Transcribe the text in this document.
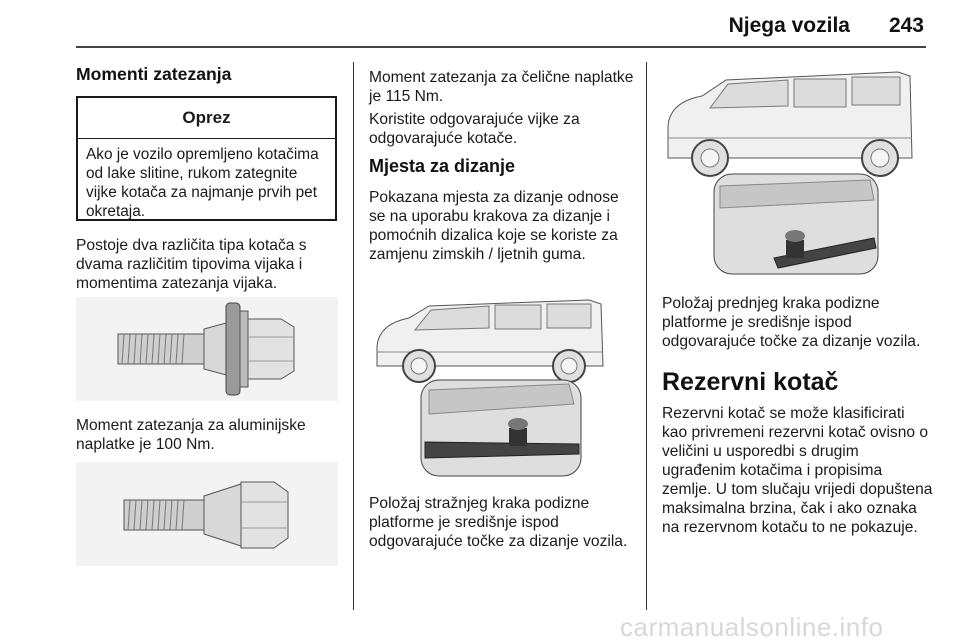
Njega vozila	243
Momenti zatezanja
Oprez
Ako je vozilo opremljeno kotačima od lake slitine, rukom zategnite vijke kotača za najmanje prvih pet okretaja.
Postoje dva različita tipa kotača s dvama različitim tipovima vijaka i momentima zatezanja vijaka.
Moment zatezanja za aluminijske naplatke je 100 Nm.
Moment zatezanja za čelične naplatke je 115 Nm.
Koristite odgovarajuće vijke za odgovarajuće kotače.
Mjesta za dizanje
Pokazana mjesta za dizanje odnose se na uporabu krakova za dizanje i pomoćnih dizalica koje se koriste za zamjenu zimskih / ljetnih guma.
Položaj stražnjeg kraka podizne platforme je središnje ispod odgovarajuće točke za dizanje vozila.
Položaj prednjeg kraka podizne platforme je središnje ispod odgovarajuće točke za dizanje vozila.
Rezervni kotač
Rezervni kotač se može klasificirati kao privremeni rezervni kotač ovisno o veličini u usporedbi s drugim ugrađenim kotačima i propisima zemlje. U tom slučaju vrijedi dopuštena maksimalna brzina, čak i ako oznaka na rezervnom kotaču to ne pokazuje.
carmanualsonline.info
